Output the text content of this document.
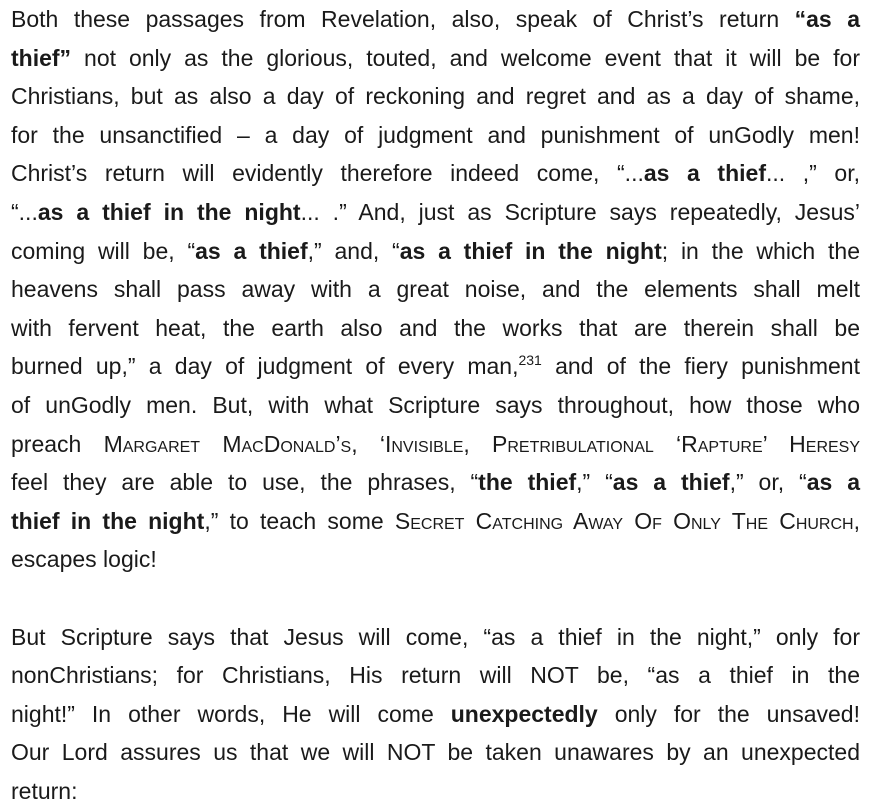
Both these passages from Revelation, also, speak of Christ’s return “as a
thief” not only as the glorious, touted, and welcome event that it will be for
Christians, but as also a day of reckoning and regret and as a day of shame,
for the unsanctified – a day of judgment and punishment of unGodly men!
Christ’s return will evidently therefore indeed come, “...as a thief... ,” or,
“...as a thief in the night... .” And, just as Scripture says repeatedly, Jesus’
coming will be, “as a thief,” and, “as a thief in the night; in the which the
heavens shall pass away with a great noise, and the elements shall melt
with fervent heat, the earth also and the works that are therein shall be
burned up,” a day of judgment of every man,$^{231}$ and of the fiery punishment
of unGodly men. But, with what Scripture says throughout, how those who
preach Margaret MacDonald’s, ‘Invisible, Pretribulational ‘Rapture’ Heresy
feel they are able to use, the phrases, “the thief,” “as a thief,” or, “as a
thief in the night,” to teach some Secret Catching Away Of Only The Church,
escapes logic!

But Scripture says that Jesus will come, “as a thief in the night,” only for
nonChristians; for Christians, His return will NOT be, “as a thief in the
night!” In other words, He will come unexpectedly only for the unsaved!
Our Lord assures us that we will NOT be taken unawares by an unexpected
return:
